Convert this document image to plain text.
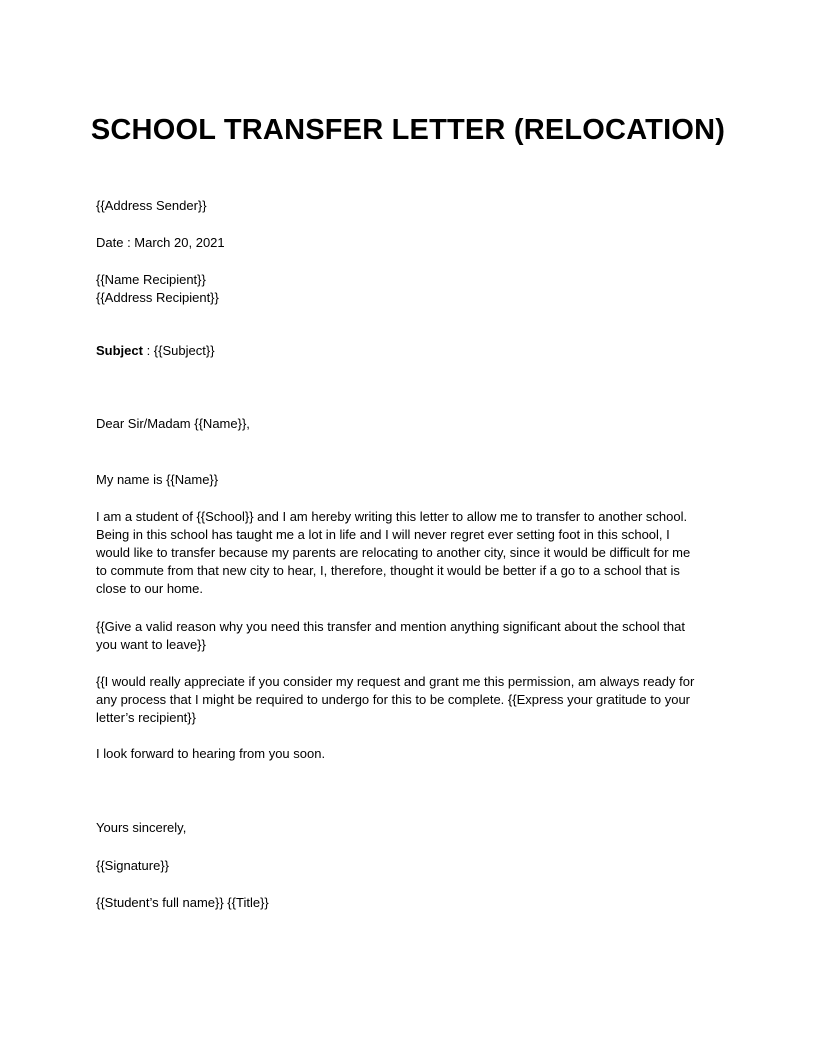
SCHOOL TRANSFER LETTER (RELOCATION)

{{Address Sender}}

Date : March 20, 2021

{{Name Recipient}}

{{Address Recipient}}

Subject : {{Subject}}

Dear Sir/Madam {{Name}},

My name is {{Name}}

I am a student of {{School}} and I am hereby writing this letter to allow me to transfer to another school.
Being in this school has taught me a lot in life and I will never regret ever setting foot in this school, I
would like to transfer because my parents are relocating to another city, since it would be difficult for me
to commute from that new city to hear, I, therefore, thought it would be better if a go to a school that is
close to our home.
{{Give a valid reason why you need this transfer and mention anything significant about the school that
you want to leave}}
{{I would really appreciate if you consider my request and grant me this permission, am always ready for
any process that I might be required to undergo for this to be complete. {{Express your gratitude to your
letter’s recipient}}

I look forward to hearing from you soon.

Yours sincerely,

{{Signature}}

{{Student’s full name}} {{Title}}
